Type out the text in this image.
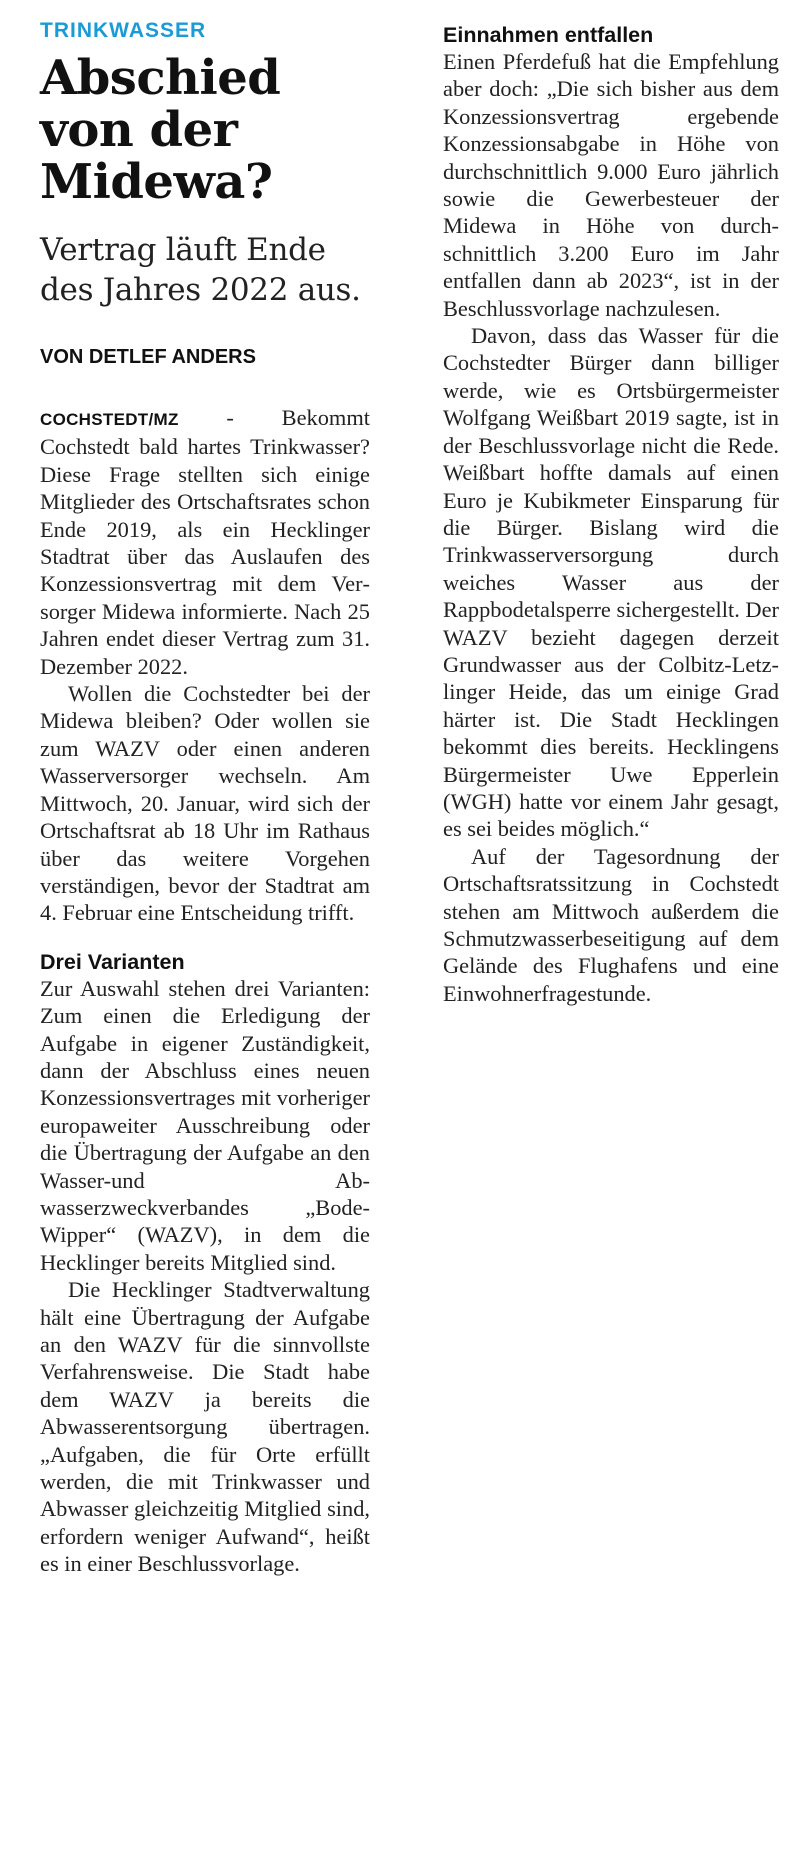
TRINKWASSER
Abschied von der Midewa?
Vertrag läuft Ende des Jahres 2022 aus.
VON DETLEF ANDERS

COCHSTEDT/MZ - Bekommt Cochstedt bald hartes Trinkwasser? Diese Frage stellten sich einige Mitglieder des Ortschaftsrates schon Ende 2019, als ein Hecklinger Stadtrat über das Auslaufen des Konzessionsvertrag mit dem Versorger Midewa informierte. Nach 25 Jahren endet dieser Vertrag zum 31. Dezember 2022.

Wollen die Cochstedter bei der Midewa bleiben? Oder wollen sie zum WAZV oder einen anderen Wasserversorger wechseln. Am Mittwoch, 20. Januar, wird sich der Ortschaftsrat ab 18 Uhr im Rathaus über das weitere Vorgehen verständigen, bevor der Stadtrat am 4. Februar eine Entscheidung trifft.

Drei Varianten

Zur Auswahl stehen drei Varianten: Zum einen die Erledigung der Aufgabe in eigener Zuständigkeit, dann der Abschluss eines neuen Konzessionsvertrages mit vorheriger europaweiter Ausschreibung oder die Übertragung der Aufgabe an den Wasser-und Abwasserzweckverbandes „Bode-Wipper“ (WAZV), in dem die Hecklinger bereits Mitglied sind.

Die Hecklinger Stadtverwaltung hält eine Übertragung der Aufgabe an den WAZV für die sinnvollste Verfahrensweise. Die Stadt habe dem WAZV ja bereits die Abwasserentsorgung übertragen. „Aufgaben, die für Orte erfüllt werden, die mit Trinkwasser und Abwasser gleichzeitig Mitglied sind, erfordern weniger Aufwand“, heißt es in einer Beschlussvorlage.

Einnahmen entfallen

Einen Pferdefuß hat die Empfehlung aber doch: „Die sich bisher aus dem Konzessionsvertrag ergebende Konzessionsabgabe in Höhe von durchschnittlich 9.000 Euro jährlich sowie die Gewerbesteuer der Midewa in Höhe von durchschnittlich 3.200 Euro im Jahr entfallen dann ab 2023“, ist in der Beschlussvorlage nachzulesen.

Davon, dass das Wasser für die Cochstedter Bürger dann billiger werde, wie es Ortsbürgermeister Wolfgang Weißbart 2019 sagte, ist in der Beschlussvorlage nicht die Rede. Weißbart hoffte damals auf einen Euro je Kubikmeter Einsparung für die Bürger. Bislang wird die Trinkwasserversorgung durch weiches Wasser aus der Rappbodetalsperre sichergestellt. Der WAZV bezieht dagegen derzeit Grundwasser aus der Colbitz-Letzlinger Heide, das um einige Grad härter ist. Die Stadt Hecklingen bekommt dies bereits. Hecklingens Bürgermeister Uwe Epperlein (WGH) hatte vor einem Jahr gesagt, es sei beides möglich.“

Auf der Tagesordnung der Ortschaftsratssitzung in Cochstedt stehen am Mittwoch außerdem die Schmutzwasserbeseitigung auf dem Gelände des Flughafens und eine Einwohnerfragestunde.
